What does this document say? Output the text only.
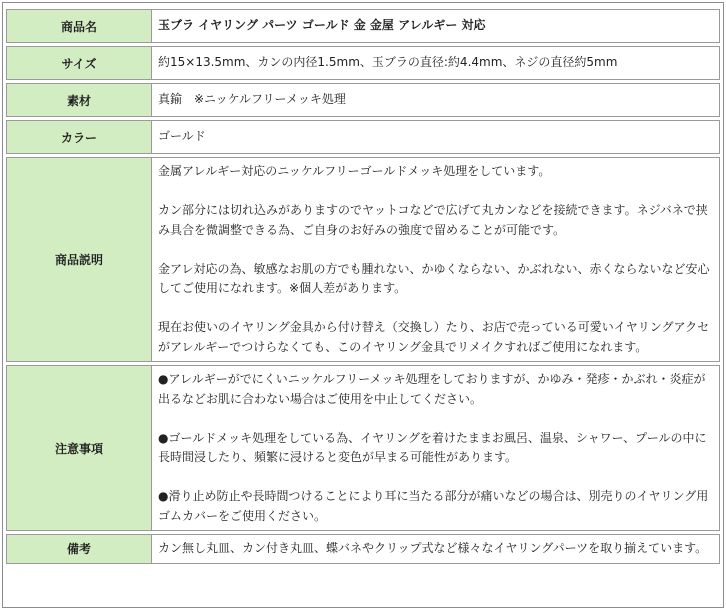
商品名	玉ブラ イヤリング パーツ ゴールド 金 金屋 アレルギー 対応
サイズ	約15×13.5mm、カンの内径1.5mm、玉ブラの直径:約4.4mm、ネジの直径約5mm
素材	真鍮　※ニッケルフリーメッキ処理
カラー	ゴールド
商品説明	金属アレルギー対応のニッケルフリーゴールドメッキ処理をしています。

カン部分には切れ込みがありますのでヤットコなどで広げて丸カンなどを接続できます。ネジバネで挟み具合を微調整できる為、ご自身のお好みの強度で留めることが可能です。

金アレ対応の為、敏感なお肌の方でも腫れない、かゆくならない、かぶれない、赤くならないなど安心してご使用になれます。※個人差があります。

現在お使いのイヤリング金具から付け替え（交換し）たり、お店で売っている可愛いイヤリングアクセがアレルギーでつけらなくても、このイヤリング金具でリメイクすればご使用になれます。

注意事項	●アレルギーがでにくいニッケルフリーメッキ処理をしておりますが、かゆみ・発疹・かぶれ・炎症が出るなどお肌に合わない場合はご使用を中止してください。

●ゴールドメッキ処理をしている為、イヤリングを着けたままお風呂、温泉、シャワー、プールの中に長時間浸したり、頻繁に浸けると変色が早まる可能性があります。

●滑り止め防止や長時間つけることにより耳に当たる部分が痛いなどの場合は、別売りのイヤリング用ゴムカバーをご使用ください。

備考	カン無し丸皿、カン付き丸皿、蝶バネやクリップ式など様々なイヤリングパーツを取り揃えています。
